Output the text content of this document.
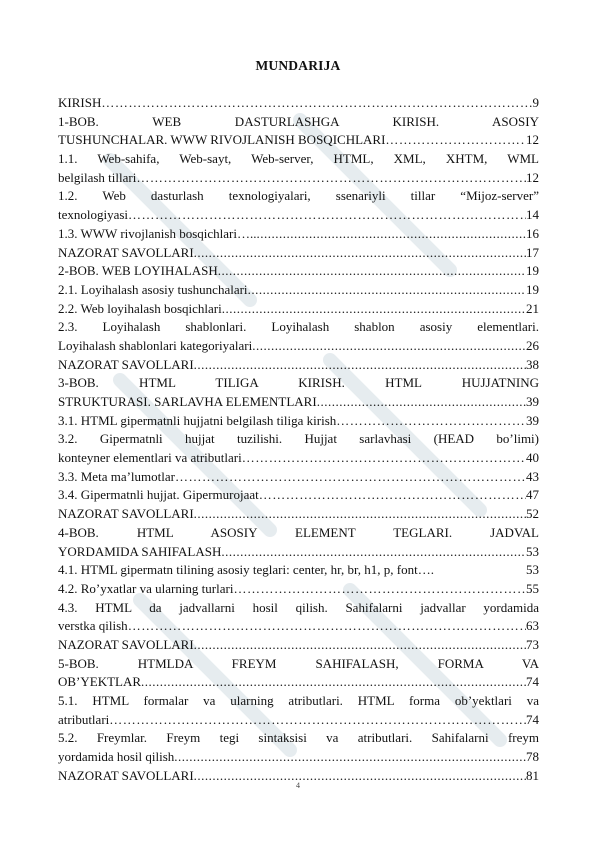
MUNDARIJA
KIRISH ……………………………………………………………………………………………………………………………………………………………………………………	9
1-BOB. WEB DASTURLASHGA KIRISH. ASOSIY
TUSHUNCHALAR. WWW RIVOJLANISH BOSQICHLARI ……………………………………………………………………………………………………………………………………………………………………………………	12
1.1. Web-sahifa, Web-sayt, Web-server, HTML, XML, XHTM, WML
belgilash tillari ……………………………………………………………………………………………………………………………………………………………………………………	12
1.2. Web dasturlash texnologiyalari, ssenariyli tillar “Mijoz-server”
texnologiyasi ……………………………………………………………………………………………………………………………………………………………………………………	14
1.3. WWW rivojlanish bosqichlari….. .....	16
NAZORAT SAVOLLARI .....	17
2-BOB. WEB LOYIHALASH .....	19
2.1. Loyihalash asosiy tushunchalari .....	19
2.2. Web loyihalash bosqichlari .....	21
2.3. Loyihalash shablonlari. Loyihalash shablon asosiy elementlari.
Loyihalash shablonlari kategoriyalari .....	26
NAZORAT SAVOLLARI .....	38
3-BOB. HTML TILIGA KIRISH. HTML HUJJATNING
STRUKTURASI. SARLAVHA ELEMENTLARI .....	39
3.1. HTML gipermatnli hujjatni belgilash tiliga kirish ……………………………………………………………………………………………………………………………………………………………………………………	39
3.2. Gipermatnli hujjat tuzilishi. Hujjat sarlavhasi (HEAD bo’limi)
konteyner elementlari va atributlari ……………………………………………………………………………………………………………………………………………………………………………………	40
3.3. Meta ma’lumotlar ……………………………………………………………………………………………………………………………………………………………………………………	43
3.4. Gipermatnli hujjat. Gipermurojaat ……………………………………………………………………………………………………………………………………………………………………………………	47
NAZORAT SAVOLLARI .....	52
4-BOB. HTML ASOSIY ELEMENT TEGLARI. JADVAL
YORDAMIDA SAHIFALASH .....	53
4.1. HTML gipermatn tilining asosiy teglari: center, hr, br, h1, p, font….	53
4.2. Ro’yxatlar va ularning turlari ……………………………………………………………………………………………………………………………………………………………………………………	55
4.3. HTML da jadvallarni hosil qilish. Sahifalarni jadvallar yordamida
verstka qilish ……………………………………………………………………………………………………………………………………………………………………………………	63
NAZORAT SAVOLLARI .....	73
5-BOB. HTMLDA FREYM SAHIFALASH, FORMA VA
OB’YEKTLAR .....	74
5.1. HTML formalar va ularning atributlari. HTML forma ob’yektlari va
atributlari ……………………………………………………………………………………………………………………………………………………………………………………	74
5.2. Freymlar. Freym tegi sintaksisi va atributlari. Sahifalarni freym
yordamida hosil qilish .....	78
NAZORAT SAVOLLARI .....	81
4
